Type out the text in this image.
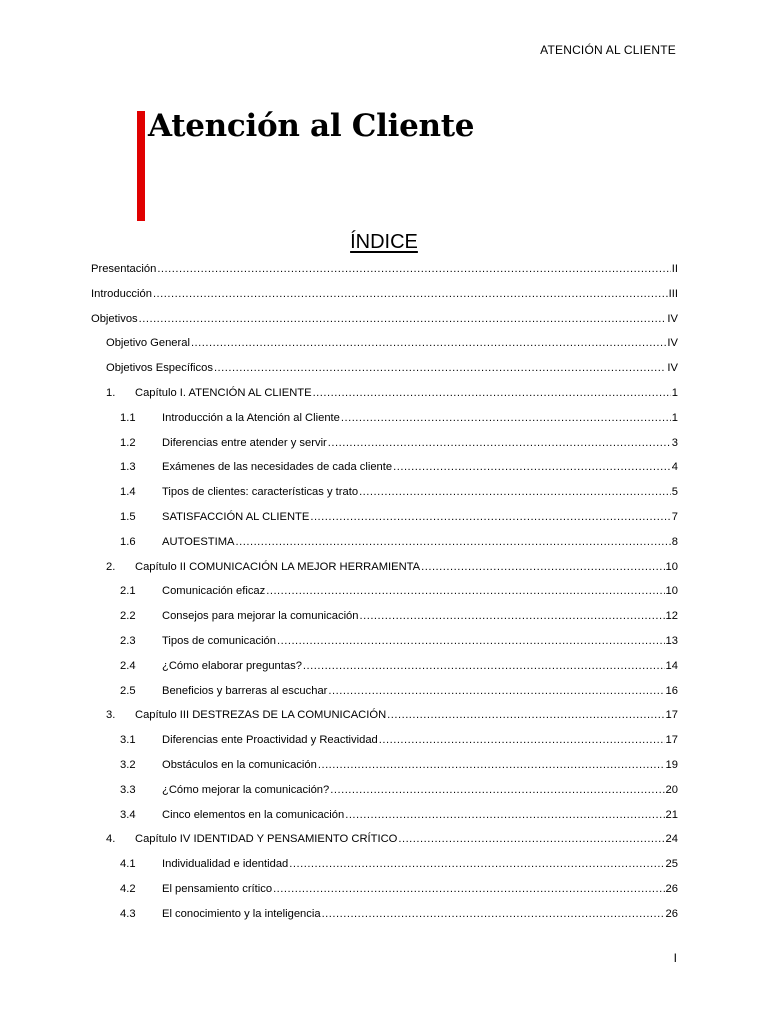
ATENCIÓN AL CLIENTE
Atención al Cliente
ÍNDICE
Presentación .....	II
Introducción .....	III
Objetivos .....	IV
Objetivo General .....	IV
Objetivos Específicos .....	IV
1.	Capítulo I. ATENCIÓN AL CLIENTE .....	1
1.1	Introducción a la Atención al Cliente .....	1
1.2	Diferencias entre atender y servir .....	3
1.3	Exámenes de las necesidades de cada cliente .....	4
1.4	Tipos de clientes: características y trato .....	5
1.5	SATISFACCIÓN AL CLIENTE .....	7
1.6	AUTOESTIMA .....	8
2.	Capítulo II COMUNICACIÓN LA MEJOR HERRAMIENTA .....	10
2.1	Comunicación eficaz .....	10
2.2	Consejos para mejorar la comunicación .....	12
2.3	Tipos de comunicación .....	13
2.4	¿Cómo elaborar preguntas? .....	14
2.5	Beneficios y barreras al escuchar .....	16
3.	Capítulo III DESTREZAS DE LA COMUNICACIÓN .....	17
3.1	Diferencias ente Proactividad y Reactividad .....	17
3.2	Obstáculos en la comunicación .....	19
3.3	¿Cómo mejorar la comunicación? .....	20
3.4	Cinco elementos en la comunicación .....	21
4.	Capítulo IV IDENTIDAD Y PENSAMIENTO CRÍTICO .....	24
4.1	Individualidad e identidad .....	25
4.2	El pensamiento crítico .....	26
4.3	El conocimiento y la inteligencia .....	26
I
